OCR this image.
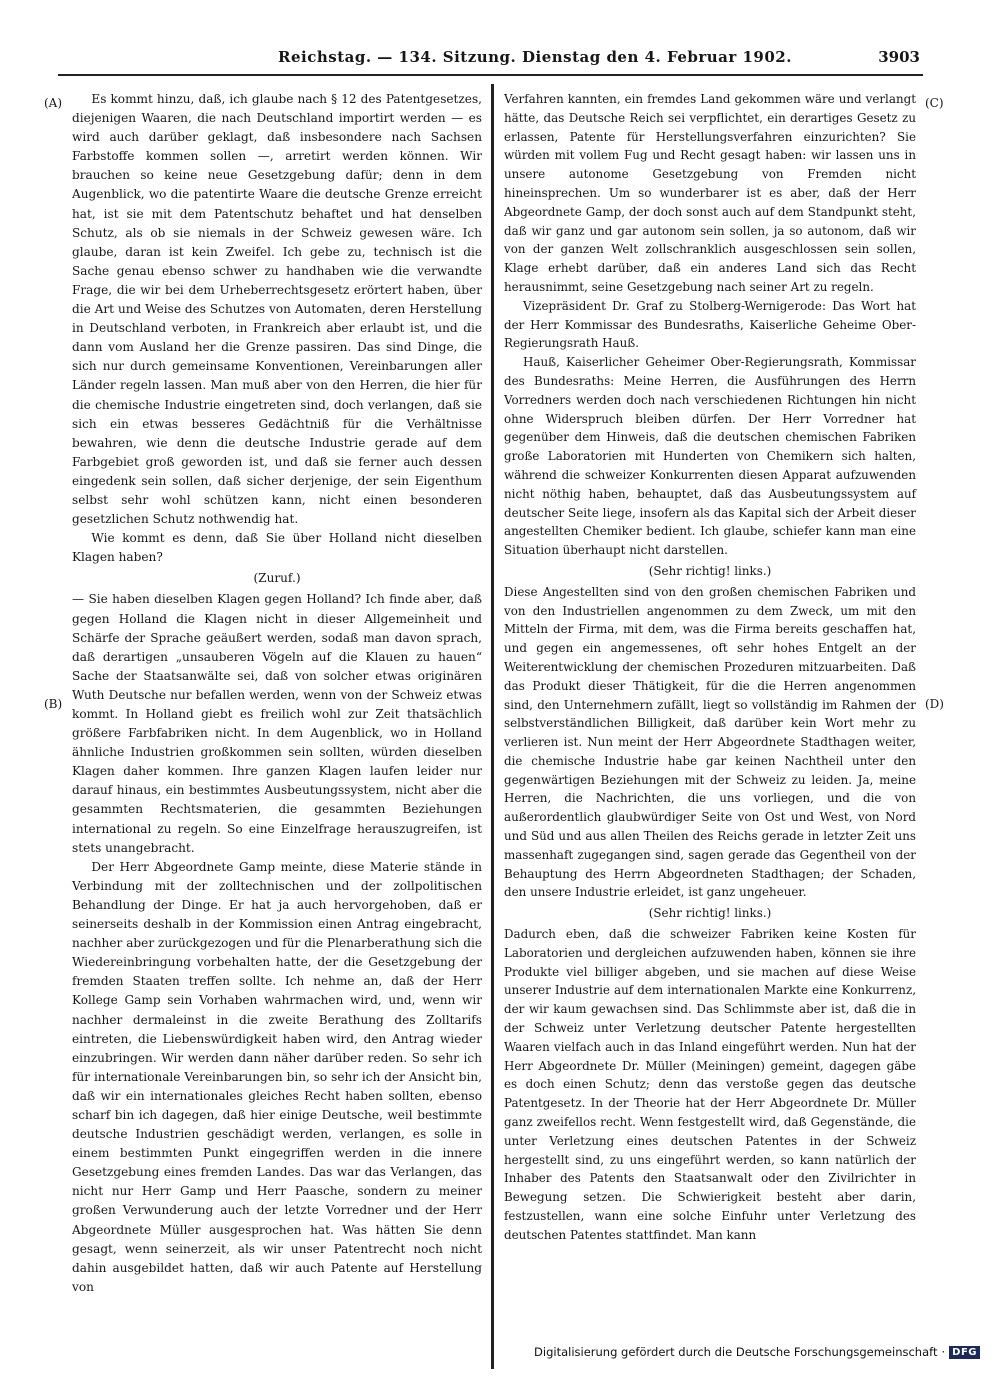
Reichstag. — 134. Sitzung. Dienstag den 4. Februar 1902.	3903
(A)
(B)
(C)
(D)

Es kommt hinzu, daß, ich glaube nach § 12 des Patentgesetzes, diejenigen Waaren, die nach Deutschland importirt werden — es wird auch darüber geklagt, daß insbesondere nach Sachsen Farbstoffe kommen sollen —, arretirt werden können. Wir brauchen so keine neue Gesetzgebung dafür; denn in dem Augenblick, wo die patentirte Waare die deutsche Grenze erreicht hat, ist sie mit dem Patentschutz behaftet und hat denselben Schutz, als ob sie niemals in der Schweiz gewesen wäre. Ich glaube, daran ist kein Zweifel. Ich gebe zu, technisch ist die Sache genau ebenso schwer zu handhaben wie die verwandte Frage, die wir bei dem Urheberrechtsgesetz erörtert haben, über die Art und Weise des Schutzes von Automaten, deren Herstellung in Deutschland verboten, in Frankreich aber erlaubt ist, und die dann vom Ausland her die Grenze passiren. Das sind Dinge, die sich nur durch gemeinsame Konventionen, Vereinbarungen aller Länder regeln lassen. Man muß aber von den Herren, die hier für die chemische Industrie eingetreten sind, doch verlangen, daß sie sich ein etwas besseres Gedächtniß für die Verhältnisse bewahren, wie denn die deutsche Industrie gerade auf dem Farbgebiet groß geworden ist, und daß sie ferner auch dessen eingedenk sein sollen, daß sicher derjenige, der sein Eigenthum selbst sehr wohl schützen kann, nicht einen besonderen gesetzlichen Schutz nothwendig hat.

Wie kommt es denn, daß Sie über Holland nicht dieselben Klagen haben?

(Zuruf.)

— Sie haben dieselben Klagen gegen Holland? Ich finde aber, daß gegen Holland die Klagen nicht in dieser Allgemeinheit und Schärfe der Sprache geäußert werden, sodaß man davon sprach, daß derartigen „unsauberen Vögeln auf die Klauen zu hauen“ Sache der Staatsanwälte sei, daß von solcher etwas originären Wuth Deutsche nur befallen werden, wenn von der Schweiz etwas kommt. In Holland giebt es freilich wohl zur Zeit thatsächlich größere Farbfabriken nicht. In dem Augenblick, wo in Holland ähnliche Industrien großkommen sein sollten, würden dieselben Klagen daher kommen. Ihre ganzen Klagen laufen leider nur darauf hinaus, ein bestimmtes Ausbeutungssystem, nicht aber die gesammten Rechtsmaterien, die gesammten Beziehungen international zu regeln. So eine Einzelfrage herauszugreifen, ist stets unangebracht.

Der Herr Abgeordnete Gamp meinte, diese Materie stände in Verbindung mit der zolltechnischen und der zollpolitischen Behandlung der Dinge. Er hat ja auch hervorgehoben, daß er seinerseits deshalb in der Kommission einen Antrag eingebracht, nachher aber zurückgezogen und für die Plenarberathung sich die Wiedereinbringung vorbehalten hatte, der die Gesetzgebung der fremden Staaten treffen sollte. Ich nehme an, daß der Herr Kollege Gamp sein Vorhaben wahrmachen wird, und, wenn wir nachher dermaleinst in die zweite Berathung des Zolltarifs eintreten, die Liebenswürdigkeit haben wird, den Antrag wieder einzubringen. Wir werden dann näher darüber reden. So sehr ich für internationale Vereinbarungen bin, so sehr ich der Ansicht bin, daß wir ein internationales gleiches Recht haben sollten, ebenso scharf bin ich dagegen, daß hier einige Deutsche, weil bestimmte deutsche Industrien geschädigt werden, verlangen, es solle in einem bestimmten Punkt eingegriffen werden in die innere Gesetzgebung eines fremden Landes. Das war das Verlangen, das nicht nur Herr Gamp und Herr Paasche, sondern zu meiner großen Verwunderung auch der letzte Vorredner und der Herr Abgeordnete Müller ausgesprochen hat. Was hätten Sie denn gesagt, wenn seinerzeit, als wir unser Patentrecht noch nicht dahin ausgebildet hatten, daß wir auch Patente auf Herstellung von

Verfahren kannten, ein fremdes Land gekommen wäre und verlangt hätte, das Deutsche Reich sei verpflichtet, ein derartiges Gesetz zu erlassen, Patente für Herstellungsverfahren einzurichten? Sie würden mit vollem Fug und Recht gesagt haben: wir lassen uns in unsere autonome Gesetzgebung von Fremden nicht hineinsprechen. Um so wunderbarer ist es aber, daß der Herr Abgeordnete Gamp, der doch sonst auch auf dem Standpunkt steht, daß wir ganz und gar autonom sein sollen, ja so autonom, daß wir von der ganzen Welt zollschranklich ausgeschlossen sein sollen, Klage erhebt darüber, daß ein anderes Land sich das Recht herausnimmt, seine Gesetzgebung nach seiner Art zu regeln.

Vizepräsident Dr. Graf zu Stolberg-Wernigerode: Das Wort hat der Herr Kommissar des Bundesraths, Kaiserliche Geheime Ober-Regierungsrath Hauß.

Hauß, Kaiserlicher Geheimer Ober-Regierungsrath, Kommissar des Bundesraths: Meine Herren, die Ausführungen des Herrn Vorredners werden doch nach verschiedenen Richtungen hin nicht ohne Widerspruch bleiben dürfen. Der Herr Vorredner hat gegenüber dem Hinweis, daß die deutschen chemischen Fabriken große Laboratorien mit Hunderten von Chemikern sich halten, während die schweizer Konkurrenten diesen Apparat aufzuwenden nicht nöthig haben, behauptet, daß das Ausbeutungssystem auf deutscher Seite liege, insofern als das Kapital sich der Arbeit dieser angestellten Chemiker bedient. Ich glaube, schiefer kann man eine Situation überhaupt nicht darstellen.

(Sehr richtig! links.)

Diese Angestellten sind von den großen chemischen Fabriken und von den Industriellen angenommen zu dem Zweck, um mit den Mitteln der Firma, mit dem, was die Firma bereits geschaffen hat, und gegen ein angemessenes, oft sehr hohes Entgelt an der Weiterentwicklung der chemischen Prozeduren mitzuarbeiten. Daß das Produkt dieser Thätigkeit, für die die Herren angenommen sind, den Unternehmern zufällt, liegt so vollständig im Rahmen der selbstverständlichen Billigkeit, daß darüber kein Wort mehr zu verlieren ist. Nun meint der Herr Abgeordnete Stadthagen weiter, die chemische Industrie habe gar keinen Nachtheil unter den gegenwärtigen Beziehungen mit der Schweiz zu leiden. Ja, meine Herren, die Nachrichten, die uns vorliegen, und die von außerordentlich glaubwürdiger Seite von Ost und West, von Nord und Süd und aus allen Theilen des Reichs gerade in letzter Zeit uns massenhaft zugegangen sind, sagen gerade das Gegentheil von der Behauptung des Herrn Abgeordneten Stadthagen; der Schaden, den unsere Industrie erleidet, ist ganz ungeheuer.

(Sehr richtig! links.)

Dadurch eben, daß die schweizer Fabriken keine Kosten für Laboratorien und dergleichen aufzuwenden haben, können sie ihre Produkte viel billiger abgeben, und sie machen auf diese Weise unserer Industrie auf dem internationalen Markte eine Konkurrenz, der wir kaum gewachsen sind. Das Schlimmste aber ist, daß die in der Schweiz unter Verletzung deutscher Patente hergestellten Waaren vielfach auch in das Inland eingeführt werden. Nun hat der Herr Abgeordnete Dr. Müller (Meiningen) gemeint, dagegen gäbe es doch einen Schutz; denn das verstoße gegen das deutsche Patentgesetz. In der Theorie hat der Herr Abgeordnete Dr. Müller ganz zweifellos recht. Wenn festgestellt wird, daß Gegenstände, die unter Verletzung eines deutschen Patentes in der Schweiz hergestellt sind, zu uns eingeführt werden, so kann natürlich der Inhaber des Patents den Staatsanwalt oder den Zivilrichter in Bewegung setzen. Die Schwierigkeit besteht aber darin, festzustellen, wann eine solche Einfuhr unter Verletzung des deutschen Patentes stattfindet. Man kann

Digitalisierung gefördert durch die Deutsche Forschungsgemeinschaft · DFG
